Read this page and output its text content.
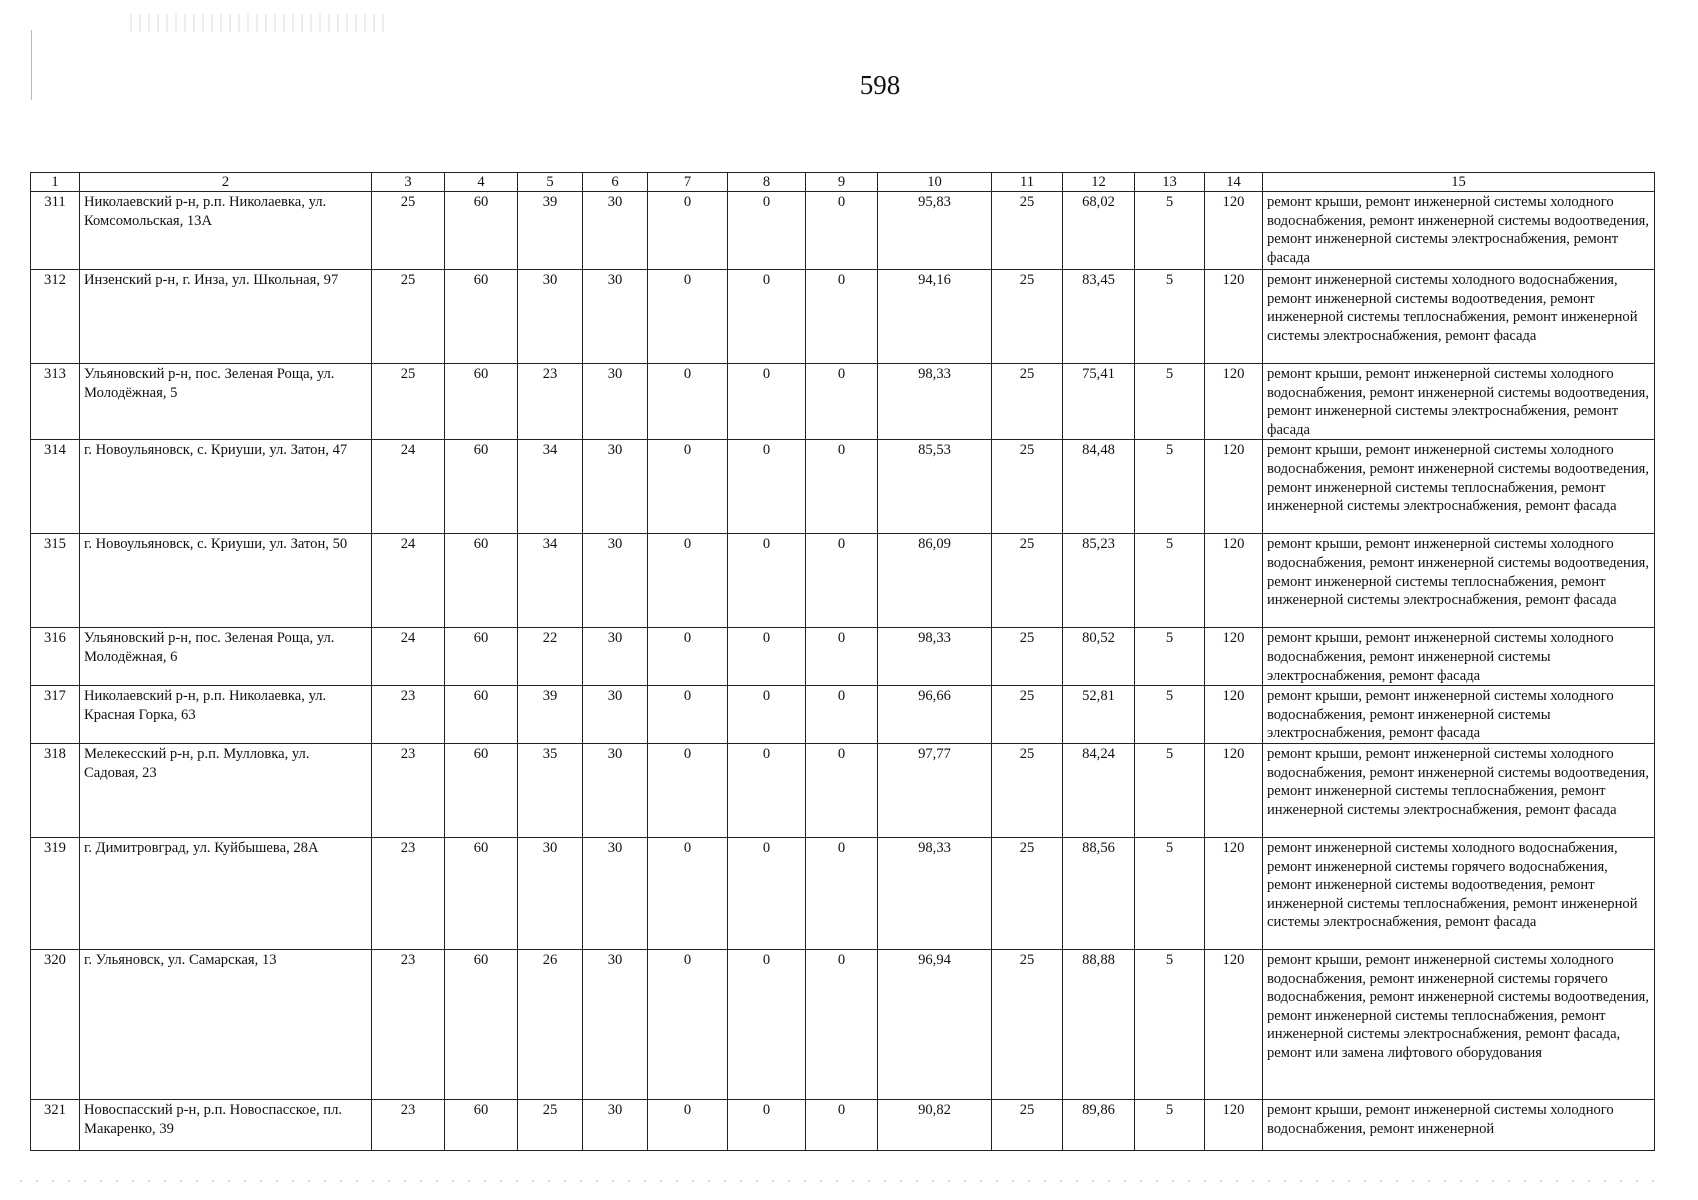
598
1	2	3	4	5	6	7	8	9	10	11	12	13	14	15
311	Николаевский р-н, р.п. Николаевка, ул. Комсомольская, 13А	25	60	39	30	0	0	0	95,83	25	68,02	5	120	ремонт крыши, ремонт инженерной системы холодного водоснабжения, ремонт инженерной системы водоотведения, ремонт инженерной системы электроснабжения, ремонт фасада
312	Инзенский р-н, г. Инза, ул. Школьная, 97	25	60	30	30	0	0	0	94,16	25	83,45	5	120	ремонт инженерной системы холодного водоснабжения, ремонт инженерной системы водоотведения, ремонт инженерной системы теплоснабжения, ремонт инженерной системы электроснабжения, ремонт фасада
313	Ульяновский р-н, пос. Зеленая Роща, ул. Молодёжная, 5	25	60	23	30	0	0	0	98,33	25	75,41	5	120	ремонт крыши, ремонт инженерной системы холодного водоснабжения, ремонт инженерной системы водоотведения, ремонт инженерной системы электроснабжения, ремонт фасада
314	г. Новоульяновск, с. Криуши, ул. Затон, 47	24	60	34	30	0	0	0	85,53	25	84,48	5	120	ремонт крыши, ремонт инженерной системы холодного водоснабжения, ремонт инженерной системы водоотведения, ремонт инженерной системы теплоснабжения, ремонт инженерной системы электроснабжения, ремонт фасада
315	г. Новоульяновск, с. Криуши, ул. Затон, 50	24	60	34	30	0	0	0	86,09	25	85,23	5	120	ремонт крыши, ремонт инженерной системы холодного водоснабжения, ремонт инженерной системы водоотведения, ремонт инженерной системы теплоснабжения, ремонт инженерной системы электроснабжения, ремонт фасада
316	Ульяновский р-н, пос. Зеленая Роща, ул. Молодёжная, 6	24	60	22	30	0	0	0	98,33	25	80,52	5	120	ремонт крыши, ремонт инженерной системы холодного водоснабжения, ремонт инженерной системы электроснабжения, ремонт фасада
317	Николаевский р-н, р.п. Николаевка, ул. Красная Горка, 63	23	60	39	30	0	0	0	96,66	25	52,81	5	120	ремонт крыши, ремонт инженерной системы холодного водоснабжения, ремонт инженерной системы электроснабжения, ремонт фасада
318	Мелекесский р-н, р.п. Мулловка, ул. Садовая, 23	23	60	35	30	0	0	0	97,77	25	84,24	5	120	ремонт крыши, ремонт инженерной системы холодного водоснабжения, ремонт инженерной системы водоотведения, ремонт инженерной системы теплоснабжения, ремонт инженерной системы электроснабжения, ремонт фасада
319	г. Димитровград, ул. Куйбышева, 28А	23	60	30	30	0	0	0	98,33	25	88,56	5	120	ремонт инженерной системы холодного водоснабжения, ремонт инженерной системы горячего водоснабжения, ремонт инженерной системы водоотведения, ремонт инженерной системы теплоснабжения, ремонт инженерной системы электроснабжения, ремонт фасада
320	г. Ульяновск, ул. Самарская, 13	23	60	26	30	0	0	0	96,94	25	88,88	5	120	ремонт крыши, ремонт инженерной системы холодного водоснабжения, ремонт инженерной системы горячего водоснабжения, ремонт инженерной системы водоотведения, ремонт инженерной системы теплоснабжения, ремонт инженерной системы электроснабжения, ремонт фасада, ремонт или замена лифтового оборудования
321	Новоспасский р-н, р.п. Новоспасское, пл. Макаренко, 39	23	60	25	30	0	0	0	90,82	25	89,86	5	120	ремонт крыши, ремонт инженерной системы холодного водоснабжения, ремонт инженерной
